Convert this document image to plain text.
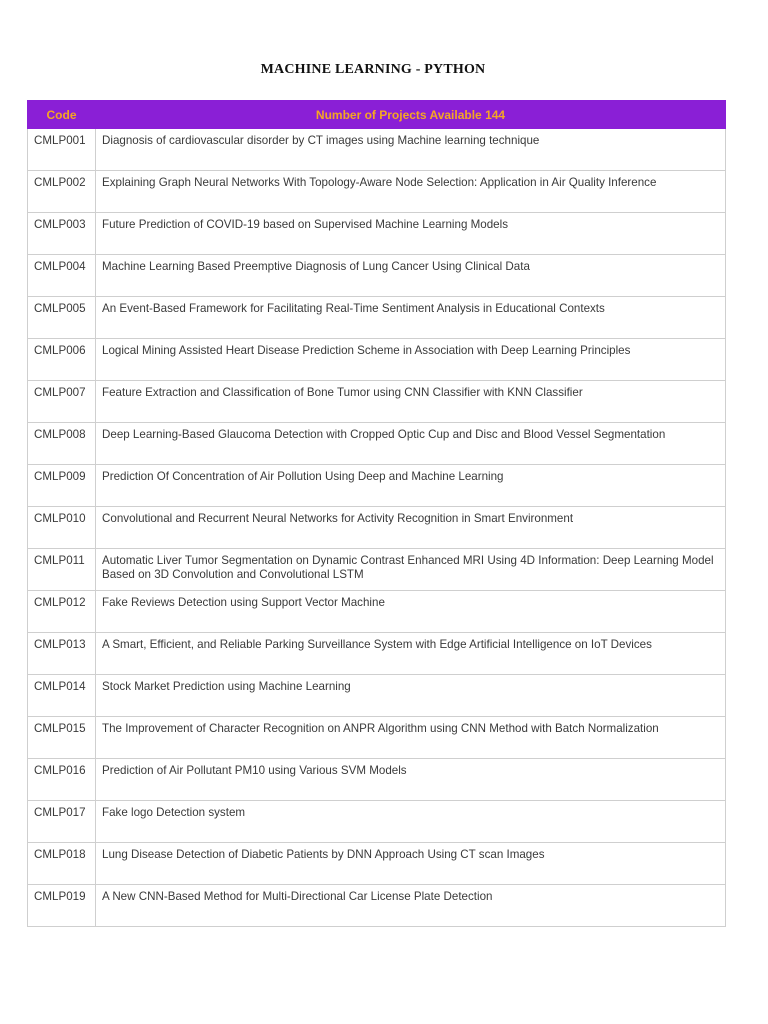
MACHINE LEARNING - PYTHON
Code	Number of Projects Available 144
CMLP001	Diagnosis of cardiovascular disorder by CT images using Machine learning technique
CMLP002	Explaining Graph Neural Networks With Topology-Aware Node Selection: Application in Air Quality Inference
CMLP003	Future Prediction of COVID-19 based on Supervised Machine Learning Models
CMLP004	Machine Learning Based Preemptive Diagnosis of Lung Cancer Using Clinical Data
CMLP005	An Event-Based Framework for Facilitating Real-Time Sentiment Analysis in Educational Contexts
CMLP006	Logical Mining Assisted Heart Disease Prediction Scheme in Association with Deep Learning Principles
CMLP007	Feature Extraction and Classification of Bone Tumor using CNN Classifier with KNN Classifier
CMLP008	Deep Learning-Based Glaucoma Detection with Cropped Optic Cup and Disc and Blood Vessel Segmentation
CMLP009	Prediction Of Concentration of Air Pollution Using Deep and Machine Learning
CMLP010	Convolutional and Recurrent Neural Networks for Activity Recognition in Smart Environment
CMLP011	Automatic Liver Tumor Segmentation on Dynamic Contrast Enhanced MRI Using 4D Information: Deep Learning Model Based on 3D Convolution and Convolutional LSTM
CMLP012	Fake Reviews Detection using Support Vector Machine
CMLP013	A Smart, Efficient, and Reliable Parking Surveillance System with Edge Artificial Intelligence on IoT Devices
CMLP014	Stock Market Prediction using Machine Learning
CMLP015	The Improvement of Character Recognition on ANPR Algorithm using CNN Method with Batch Normalization
CMLP016	Prediction of Air Pollutant PM10 using Various SVM Models
CMLP017	Fake logo Detection system
CMLP018	Lung Disease Detection of Diabetic Patients by DNN Approach Using CT scan Images
CMLP019	A New CNN-Based Method for Multi-Directional Car License Plate Detection
